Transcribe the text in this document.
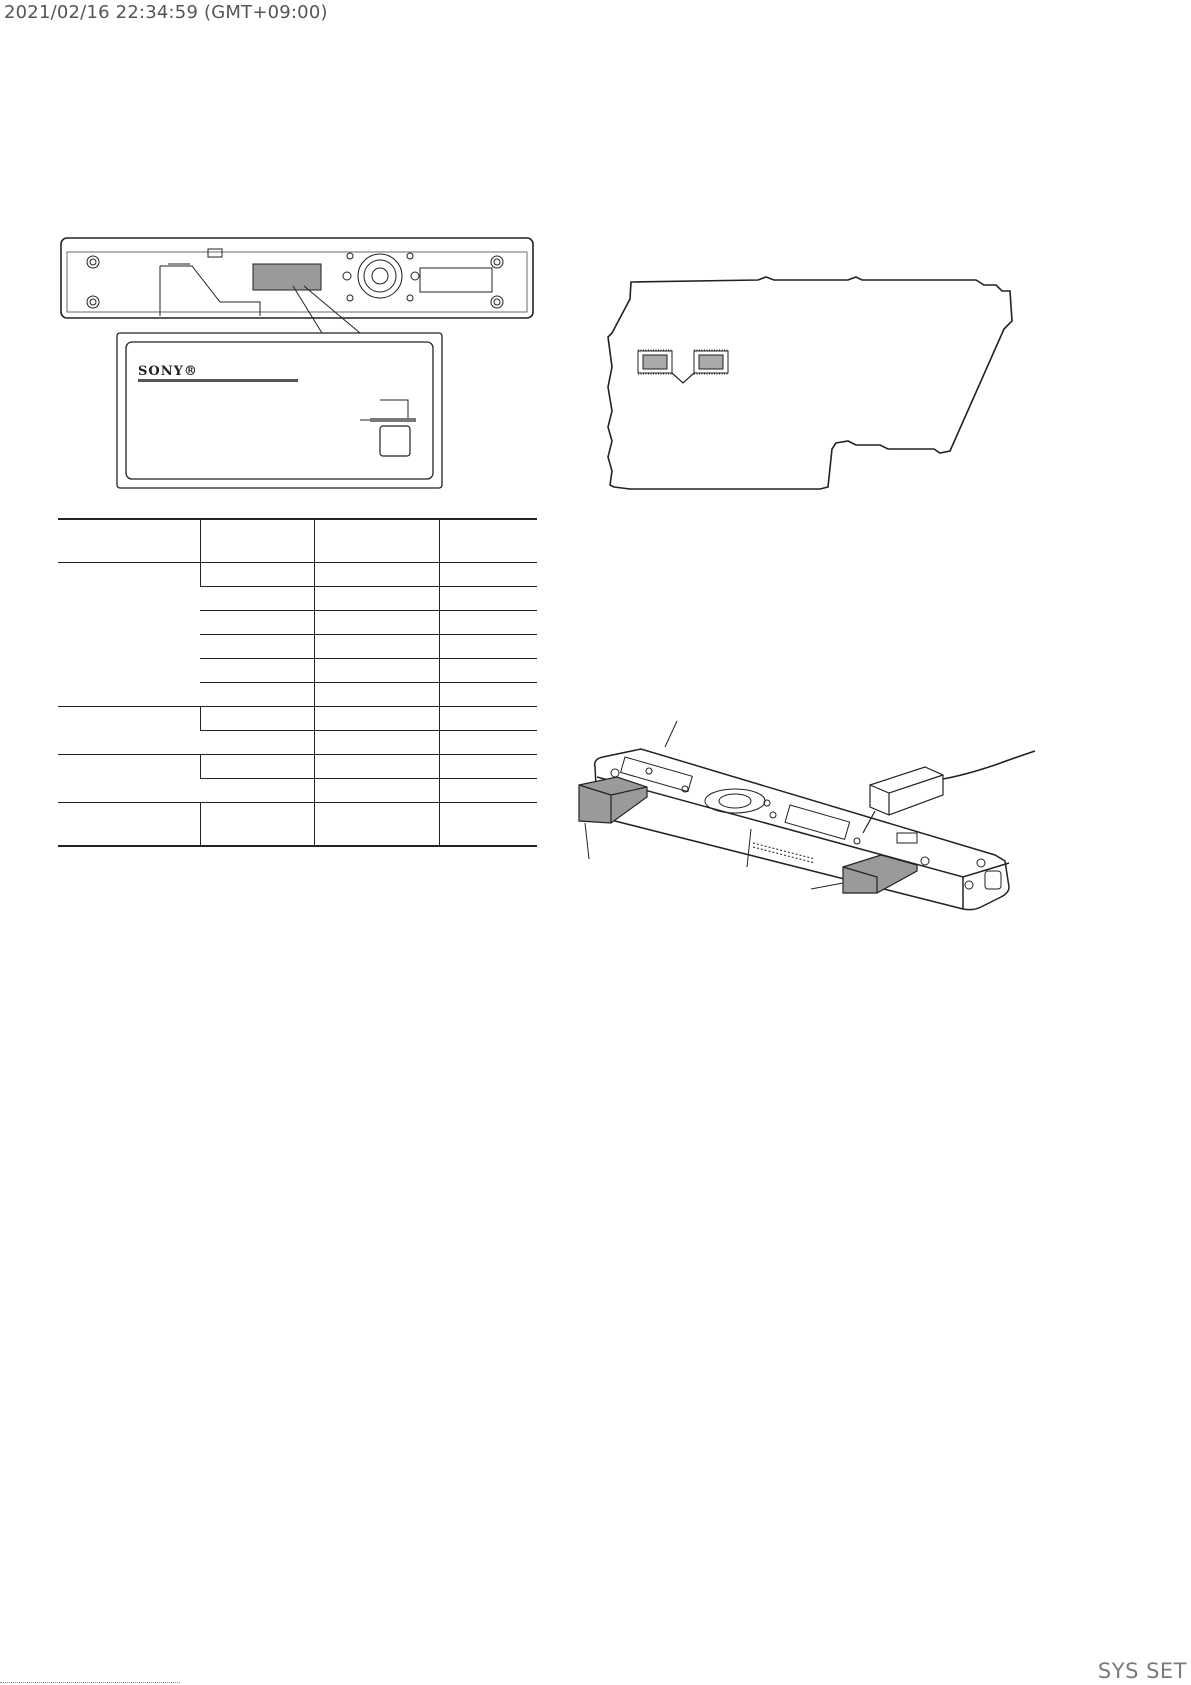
2021/02/16 22:34:59 (GMT+09:00)
SONY®

SYS SET
